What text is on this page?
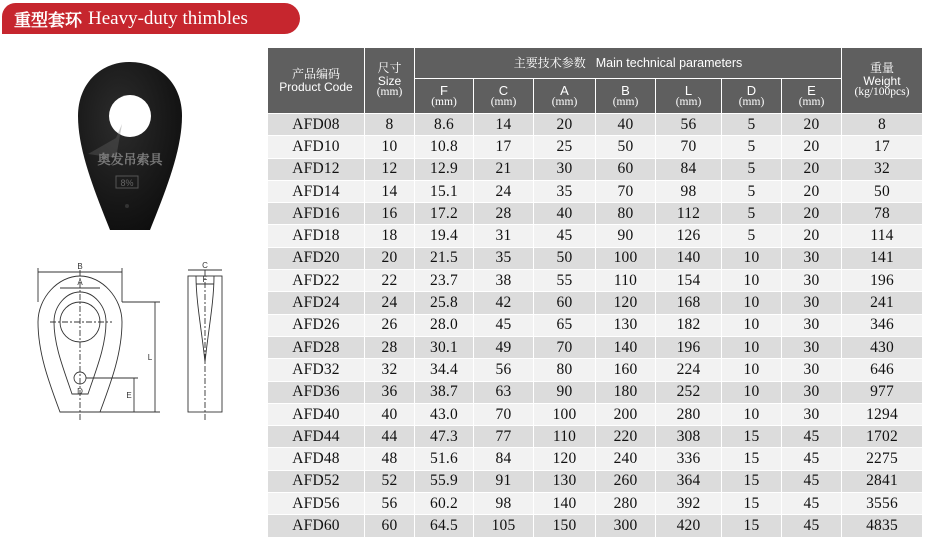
重型套环 Heavy-duty thimbles
8%
奥发吊索具
B
A
D
L
E
C
F
产品编码
Product Code	尺寸
Size
(mm)	主要技术参数 Main technical parameters							重量
Weight
(kg/100pcs)

		F
(mm)	C
(mm)	A
(mm)	B
(mm)	L
(mm)	D
(mm)	E
(mm)	

AFD08	8	8.6	14	20	40	56	5	20	8
AFD10	10	10.8	17	25	50	70	5	20	17
AFD12	12	12.9	21	30	60	84	5	20	32
AFD14	14	15.1	24	35	70	98	5	20	50
AFD16	16	17.2	28	40	80	112	5	20	78
AFD18	18	19.4	31	45	90	126	5	20	114
AFD20	20	21.5	35	50	100	140	10	30	141
AFD22	22	23.7	38	55	110	154	10	30	196
AFD24	24	25.8	42	60	120	168	10	30	241
AFD26	26	28.0	45	65	130	182	10	30	346
AFD28	28	30.1	49	70	140	196	10	30	430
AFD32	32	34.4	56	80	160	224	10	30	646
AFD36	36	38.7	63	90	180	252	10	30	977
AFD40	40	43.0	70	100	200	280	10	30	1294
AFD44	44	47.3	77	110	220	308	15	45	1702
AFD48	48	51.6	84	120	240	336	15	45	2275
AFD52	52	55.9	91	130	260	364	15	45	2841
AFD56	56	60.2	98	140	280	392	15	45	3556
AFD60	60	64.5	105	150	300	420	15	45	4835
